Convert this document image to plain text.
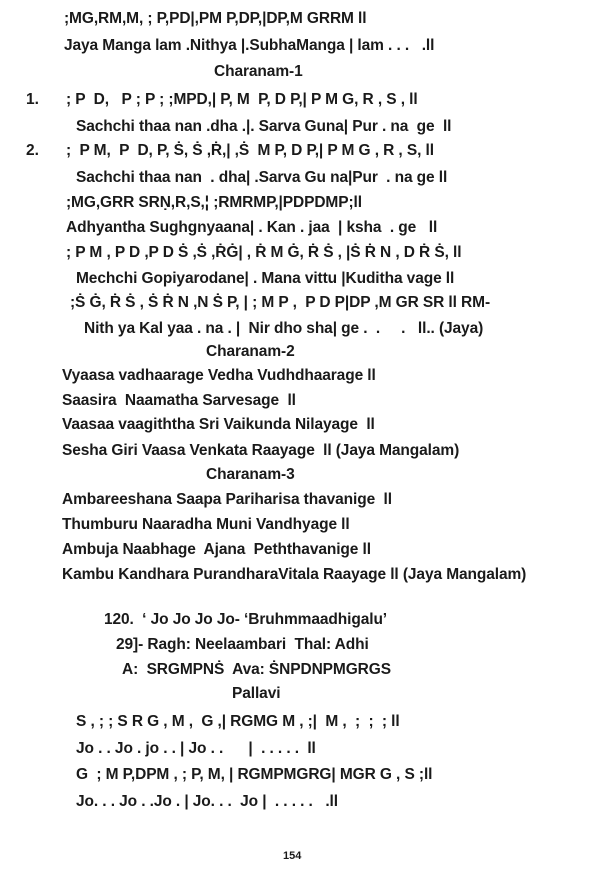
;MG,RM,M, ; P,PD|,PM P,DP,|DP,M GRRM ll
Jaya Manga lam .Nithya |.SubhaManga | lam . . .   .ll
Charanam-1
1. ; P  D,   P ; P ; ;MPD,| P, M  P, D P,| P M G, R , S , ll
Sachchi thaa nan .dha .|. Sarva Guna| Pur . na  ge  ll
2. ;  P M,  P  D, P, Ṡ, Ṡ ,Ṙ,| ,Ṡ  M P, D P,| P M G , R , S, ll
Sachchi thaa nan  . dha| .Sarva Gu na|Pur  . na ge ll
;MG,GRR SRṆ,R,S,¦ ;RMRMP,|PDPDMP;ll
Adhyantha Sughgnyaana| . Kan . jaa  | ksha  . ge   ll
; P M , P D ,P D Ṡ ,Ṡ ,ṘĠ| , Ṙ M Ġ, Ṙ Ṡ , |Ṡ Ṙ N , D Ṙ Ṡ, ll
Mechchi Gopiyarodane| . Mana vittu |Kuditha vage ll
;Ṡ Ġ, Ṙ Ṡ , Ṡ Ṙ N ,N Ṡ P, | ; M P ,  P D P|DP ,M GR SR ll RM-
Nith ya Kal yaa . na . |  Nir dho sha| ge .  .     .   ll.. (Jaya)
Charanam-2
Vyaasa vadhaarage Vedha Vudhdhaarage ll
Saasira  Naamatha Sarvesage  ll
Vaasaa vaagiththa Sri Vaikunda Nilayage  ll
Sesha Giri Vaasa Venkata Raayage  ll (Jaya Mangalam)
Charanam-3
Ambareeshana Saapa Pariharisa thavanige  ll
Thumburu Naaradha Muni Vandhyage ll
Ambuja Naabhage  Ajana  Peththavanige ll
Kambu Kandhara PurandharaVitala Raayage ll (Jaya Mangalam)
120.  ‘ Jo Jo Jo Jo- ‘Bruhmmaadhigalu’
29]- Ragh: Neelaambari  Thal: Adhi
A:  SRGMPNṠ  Ava: ṠNPDNPMGRGS
Pallavi
S , ; ; S R G , M ,  G ,| RGMG M , ;|  M ,  ;  ;  ; ll
Jo . . Jo . jo . . | Jo . .      |  . . . . .  ll
G  ; M P,DPM , ; P, M, | RGMPMGRG| MGR G , S ;ll
Jo. . . Jo . .Jo . | Jo. . .  Jo |  . . . . .   .ll
154
